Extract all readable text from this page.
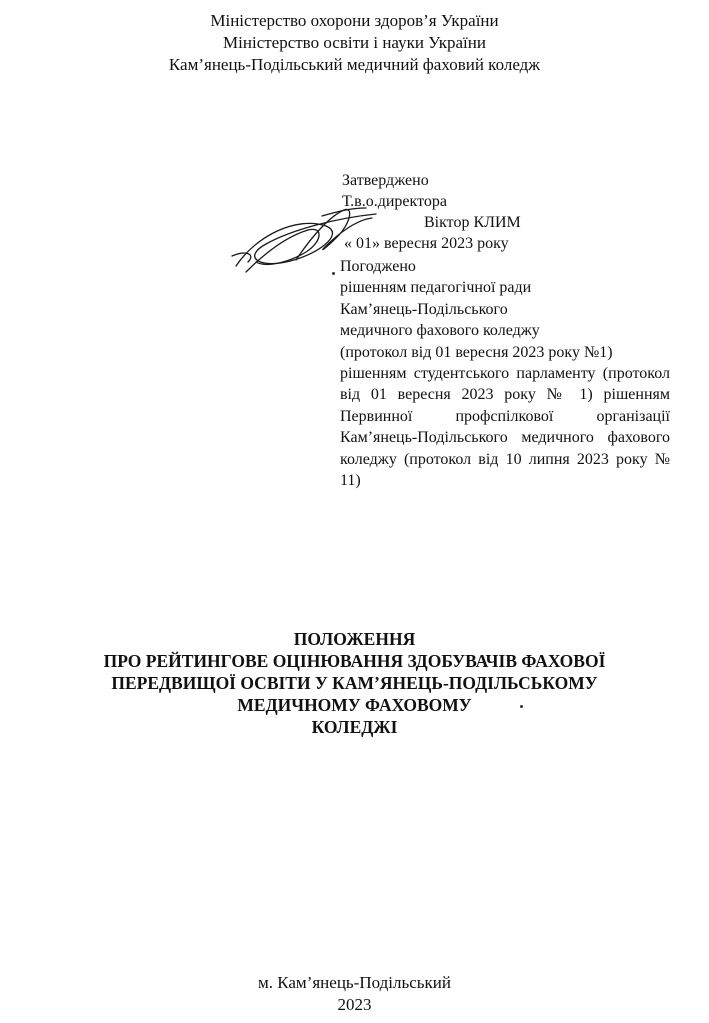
Міністерство охорони здоров’я України
Міністерство освіти і науки України
Кам’янець-Подільський медичний фаховий коледж
Затверджено
Т.в.о.директора
Віктор КЛИМ
« 01» вересня 2023 року
Погоджено
рішенням педагогічної ради
Кам’янець-Подільського
медичного фахового коледжу
(протокол від 01 вересня 2023 року №1)
рішенням студентського парламенту (протокол від 01 вересня 2023 року № 1) рішенням Первинної профспілкової організації Кам’янець-Подільського медичного фахового коледжу (протокол від 10 липня 2023 року № 11)
ПОЛОЖЕННЯ
ПРО РЕЙТИНГОВЕ ОЦІНЮВАННЯ ЗДОБУВАЧІВ ФАХОВОЇ
ПЕРЕДВИЩОЇ ОСВІТИ У КАМ’ЯНЕЦЬ-ПОДІЛЬСЬКОМУ
МЕДИЧНОМУ ФАХОВОМУ
КОЛЕДЖІ
м. Кам’янець-Подільський
2023
